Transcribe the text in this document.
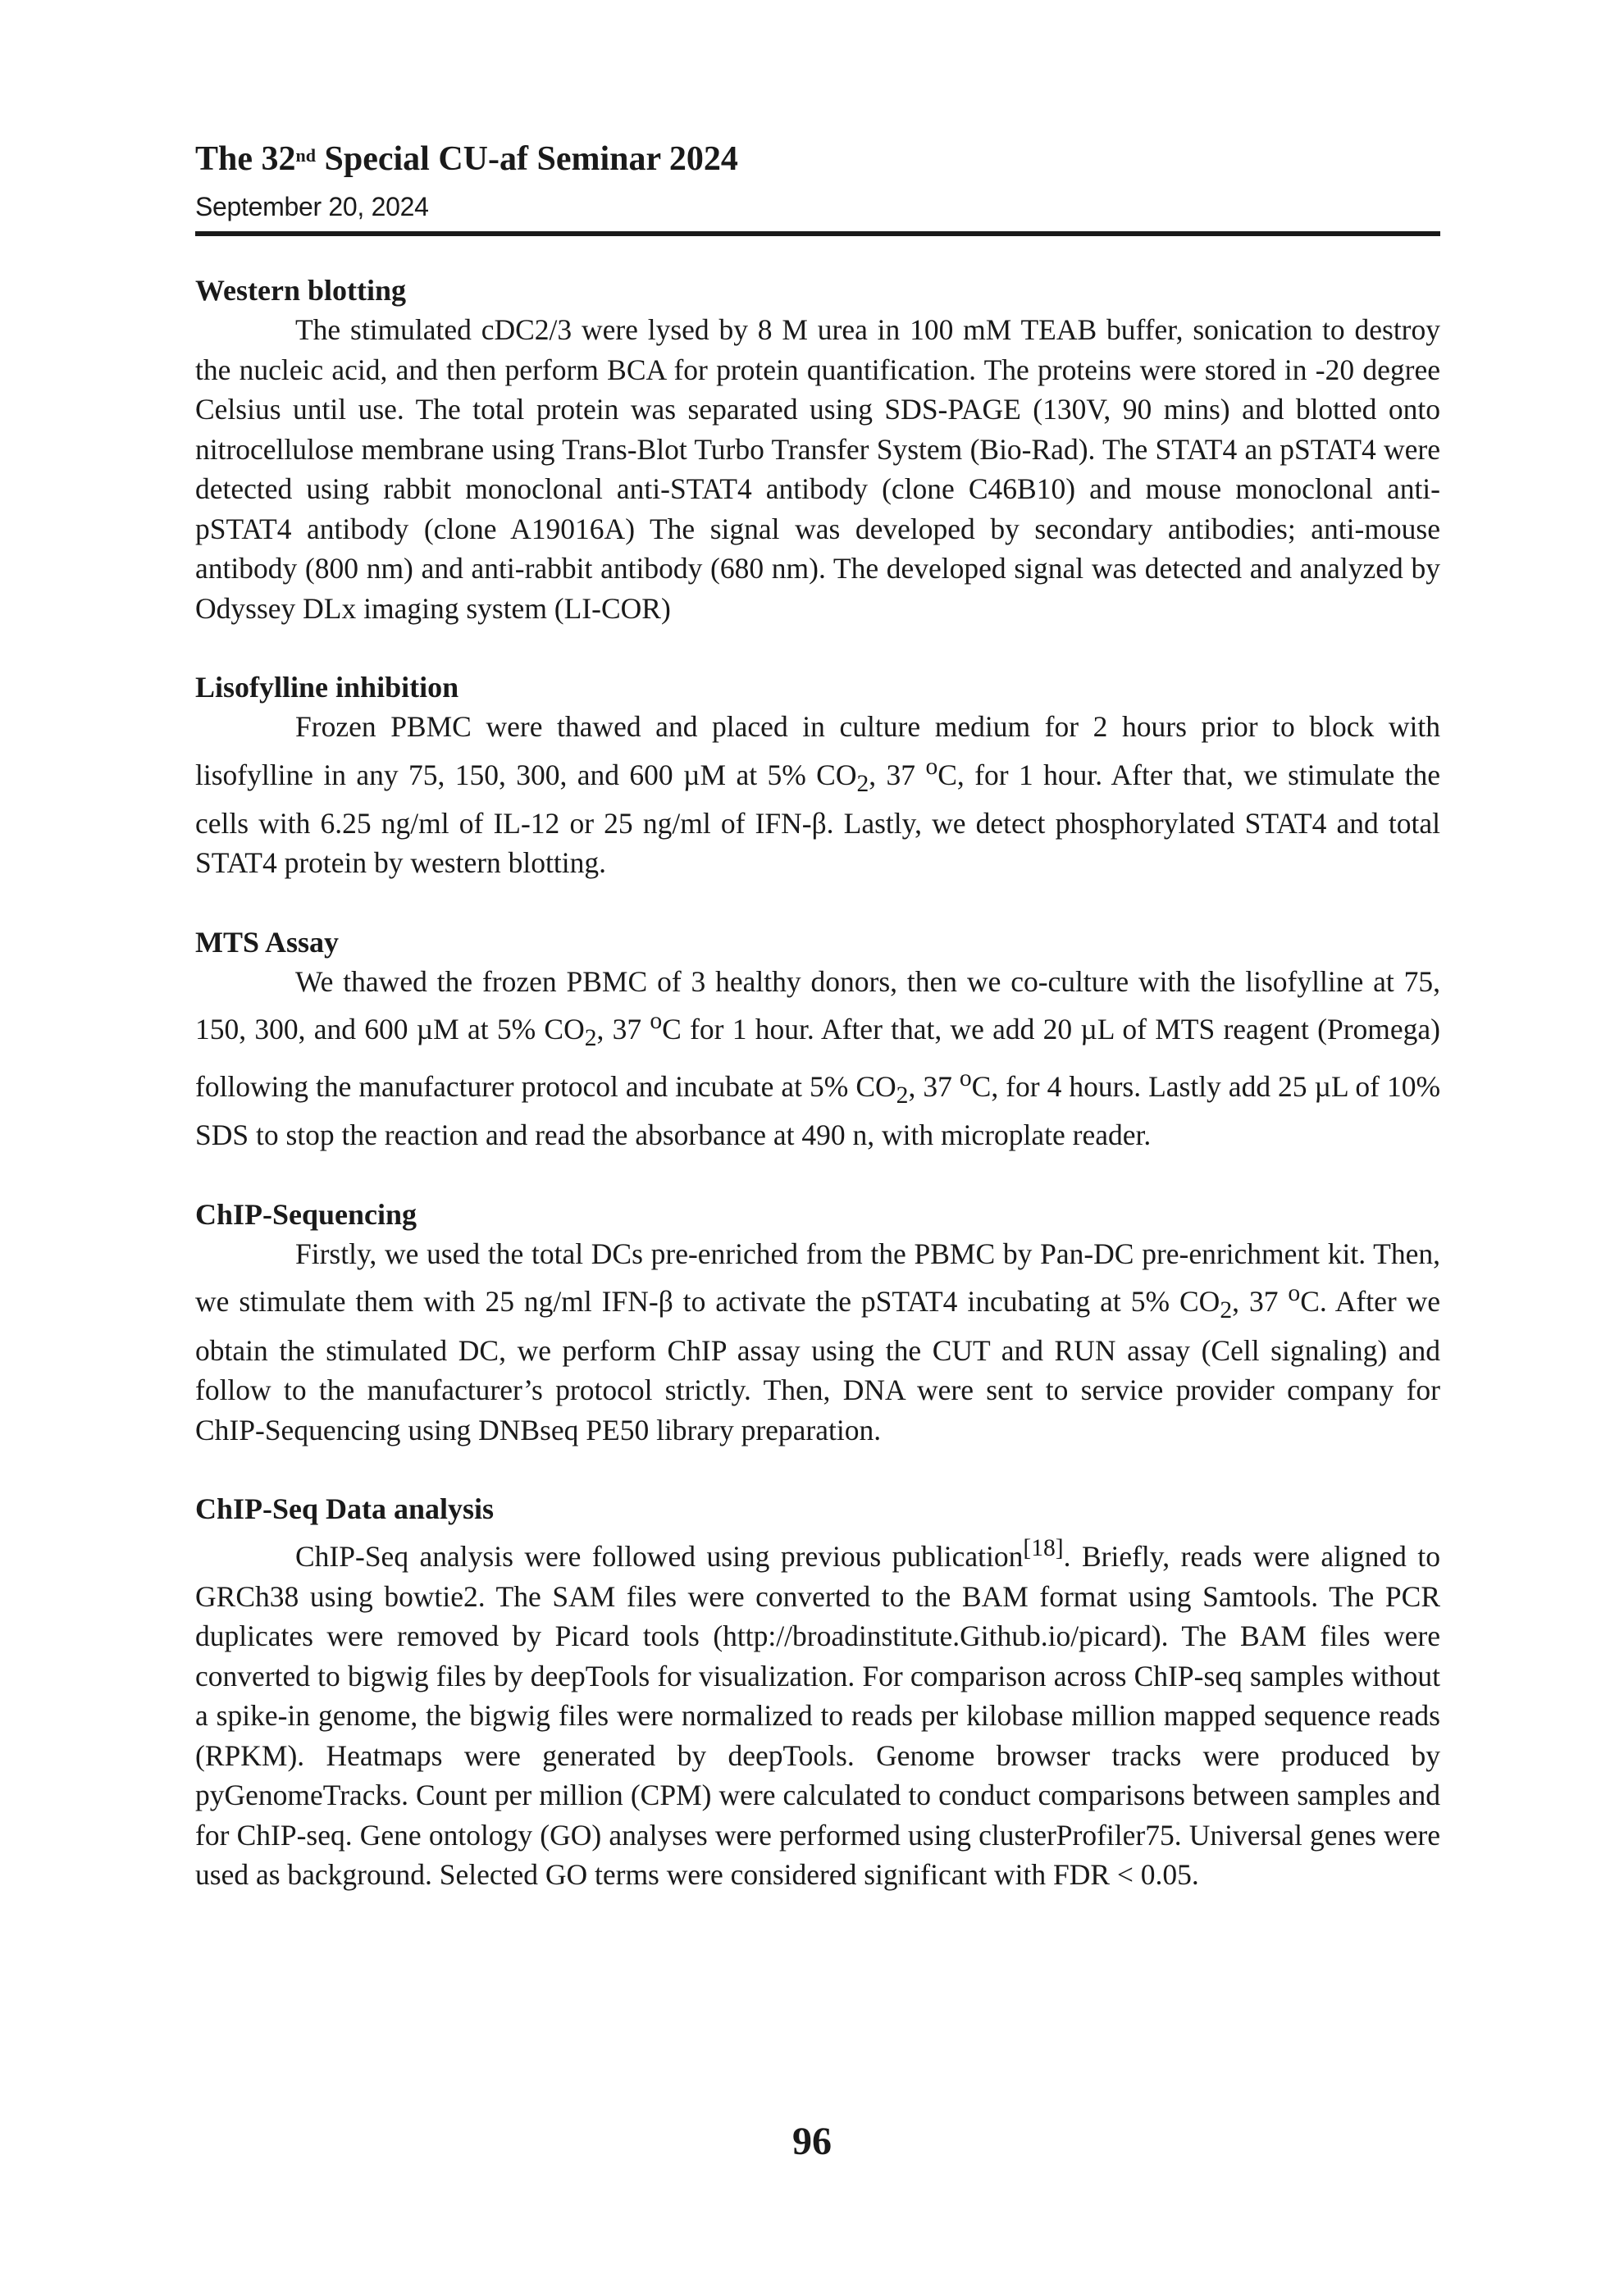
The 32nd Special CU-af Seminar 2024
September 20, 2024
Western blotting

The stimulated cDC2/3 were lysed by 8 M urea in 100 mM TEAB buffer, sonication to destroy the nucleic acid, and then perform BCA for protein quantification. The proteins were stored in -20 degree Celsius until use. The total protein was separated using SDS-PAGE (130V, 90 mins) and blotted onto nitrocellulose membrane using Trans-Blot Turbo Transfer System (Bio-Rad). The STAT4 an pSTAT4 were detected using rabbit monoclonal anti-STAT4 antibody (clone C46B10) and mouse monoclonal anti-pSTAT4 antibody (clone A19016A) The signal was developed by secondary antibodies; anti-mouse antibody (800 nm) and anti-rabbit antibody (680 nm). The developed signal was detected and analyzed by Odyssey DLx imaging system (LI-COR)

Lisofylline inhibition

Frozen PBMC were thawed and placed in culture medium for 2 hours prior to block with lisofylline in any 75, 150, 300, and 600 µM at 5% $CO_2$, 37 $^o$C, for 1 hour. After that, we stimulate the cells with 6.25 ng/ml of IL-12 or 25 ng/ml of IFN-β. Lastly, we detect phosphorylated STAT4 and total STAT4 protein by western blotting.

MTS Assay

We thawed the frozen PBMC of 3 healthy donors, then we co-culture with the lisofylline at 75, 150, 300, and 600 µM at 5% $CO_2$, 37 $^o$C for 1 hour. After that, we add 20 µL of MTS reagent (Promega) following the manufacturer protocol and incubate at 5% $CO_2$, 37 $^o$C, for 4 hours. Lastly add 25 µL of 10% SDS to stop the reaction and read the absorbance at 490 n, with microplate reader.

ChIP-Sequencing

Firstly, we used the total DCs pre-enriched from the PBMC by Pan-DC pre-enrichment kit. Then, we stimulate them with 25 ng/ml IFN-β to activate the pSTAT4 incubating at 5% $CO_2$, 37 $^o$C. After we obtain the stimulated DC, we perform ChIP assay using the CUT and RUN assay (Cell signaling) and follow to the manufacturer’s protocol strictly. Then, DNA were sent to service provider company for ChIP-Sequencing using DNBseq PE50 library preparation.

ChIP-Seq Data analysis

ChIP-Seq analysis were followed using previous publication[18]. Briefly, reads were aligned to GRCh38 using bowtie2. The SAM files were converted to the BAM format using Samtools. The PCR duplicates were removed by Picard tools (http://broadinstitute.Github.io/picard). The BAM files were converted to bigwig files by deepTools for visualization. For comparison across ChIP-seq samples without a spike-in genome, the bigwig files were normalized to reads per kilobase million mapped sequence reads (RPKM). Heatmaps were generated by deepTools. Genome browser tracks were produced by pyGenomeTracks. Count per million (CPM) were calculated to conduct comparisons between samples and for ChIP-seq. Gene ontology (GO) analyses were performed using clusterProfiler75. Universal genes were used as background. Selected GO terms were considered significant with FDR < 0.05.

96
